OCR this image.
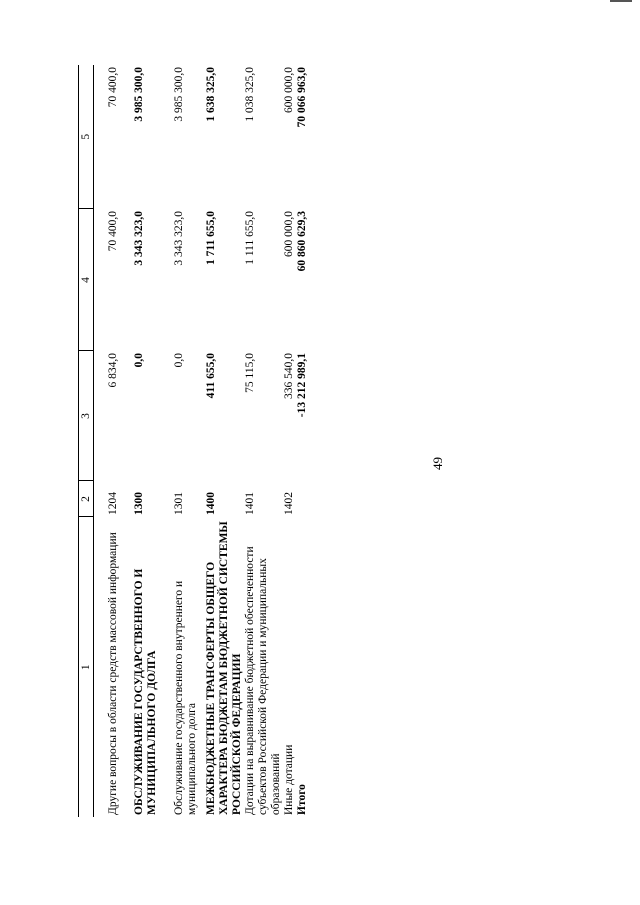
49
1	2	3	4	5
Другие вопросы в области средств массовой информации	1204	6 834,0	70 400,0	70 400,0
ОБСЛУЖИВАНИЕ ГОСУДАРСТВЕННОГО И МУНИЦИПАЛЬНОГО ДОЛГА	1300	0,0	3 343 323,0	3 985 300,0
Обслуживание государственного внутреннего и муниципального долга	1301	0,0	3 343 323,0	3 985 300,0
МЕЖБЮДЖЕТНЫЕ ТРАНСФЕРТЫ ОБЩЕГО ХАРАКТЕРА БЮДЖЕТАМ БЮДЖЕТНОЙ СИСТЕМЫ РОССИЙСКОЙ ФЕДЕРАЦИИ	1400	411 655,0	1 711 655,0	1 638 325,0
Дотации на выравнивание бюджетной обеспеченности субъектов Российской Федерации и муниципальных образований	1401	75 115,0	1 111 655,0	1 038 325,0
Иные дотации	1402	336 540,0	600 000,0	600 000,0
Итого		-13 212 989,1	60 860 629,3	70 066 963,0
